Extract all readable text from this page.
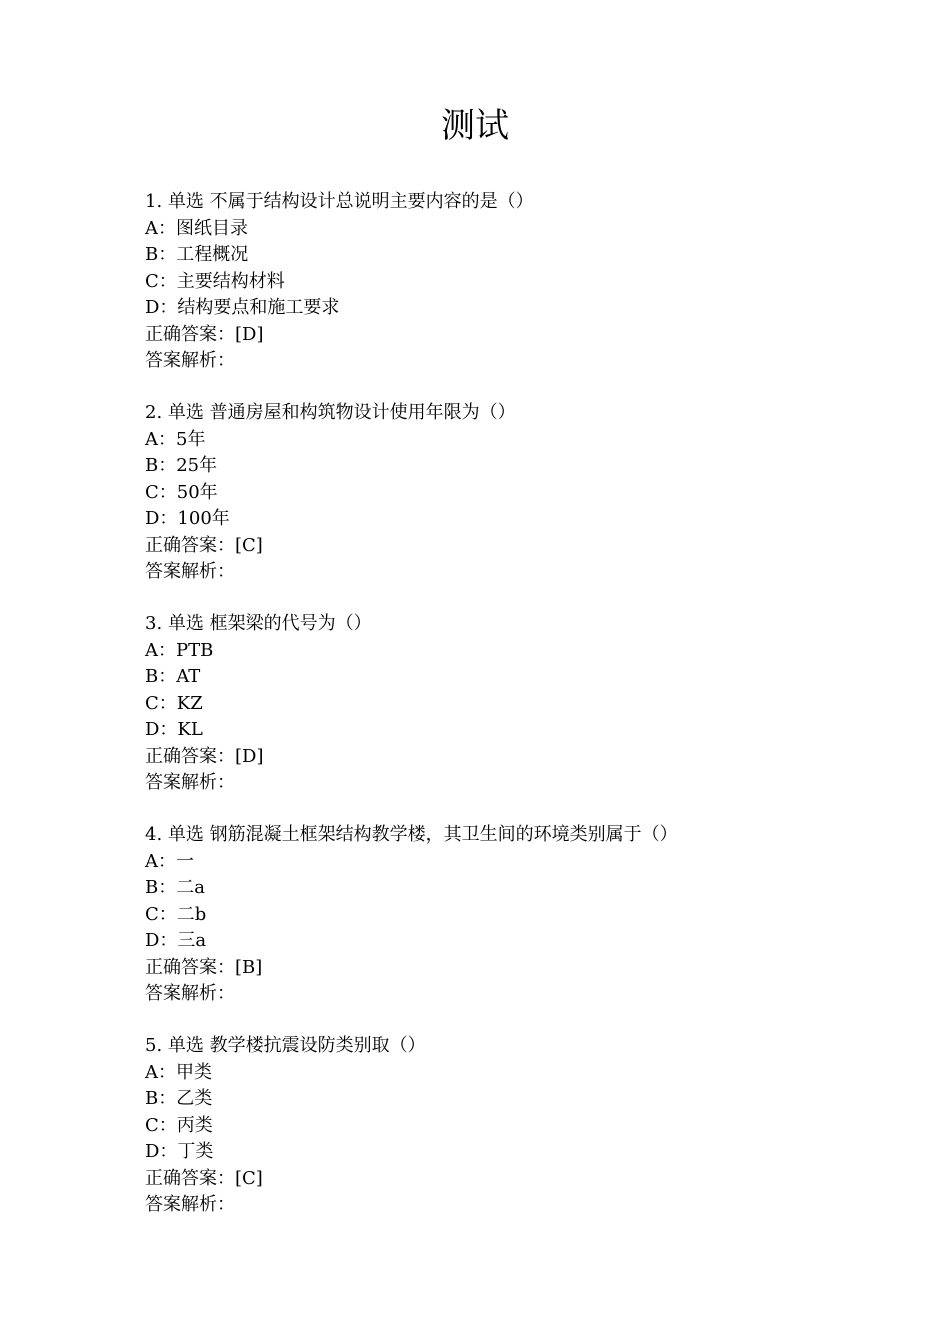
测试
1. 单选 不属于结构设计总说明主要内容的是（）
A：图纸目录
B：工程概况
C：主要结构材料
D：结构要点和施工要求
正确答案：[D]
答案解析：
2. 单选 普通房屋和构筑物设计使用年限为（）
A：5年
B：25年
C：50年
D：100年
正确答案：[C]
答案解析：
3. 单选 框架梁的代号为（）
A：PTB
B：AT
C：KZ
D：KL
正确答案：[D]
答案解析：
4. 单选 钢筋混凝土框架结构教学楼，其卫生间的环境类别属于（）
A：一
B：二a
C：二b
D：三a
正确答案：[B]
答案解析：
5. 单选 教学楼抗震设防类别取（）
A：甲类
B：乙类
C：丙类
D：丁类
正确答案：[C]
答案解析：
